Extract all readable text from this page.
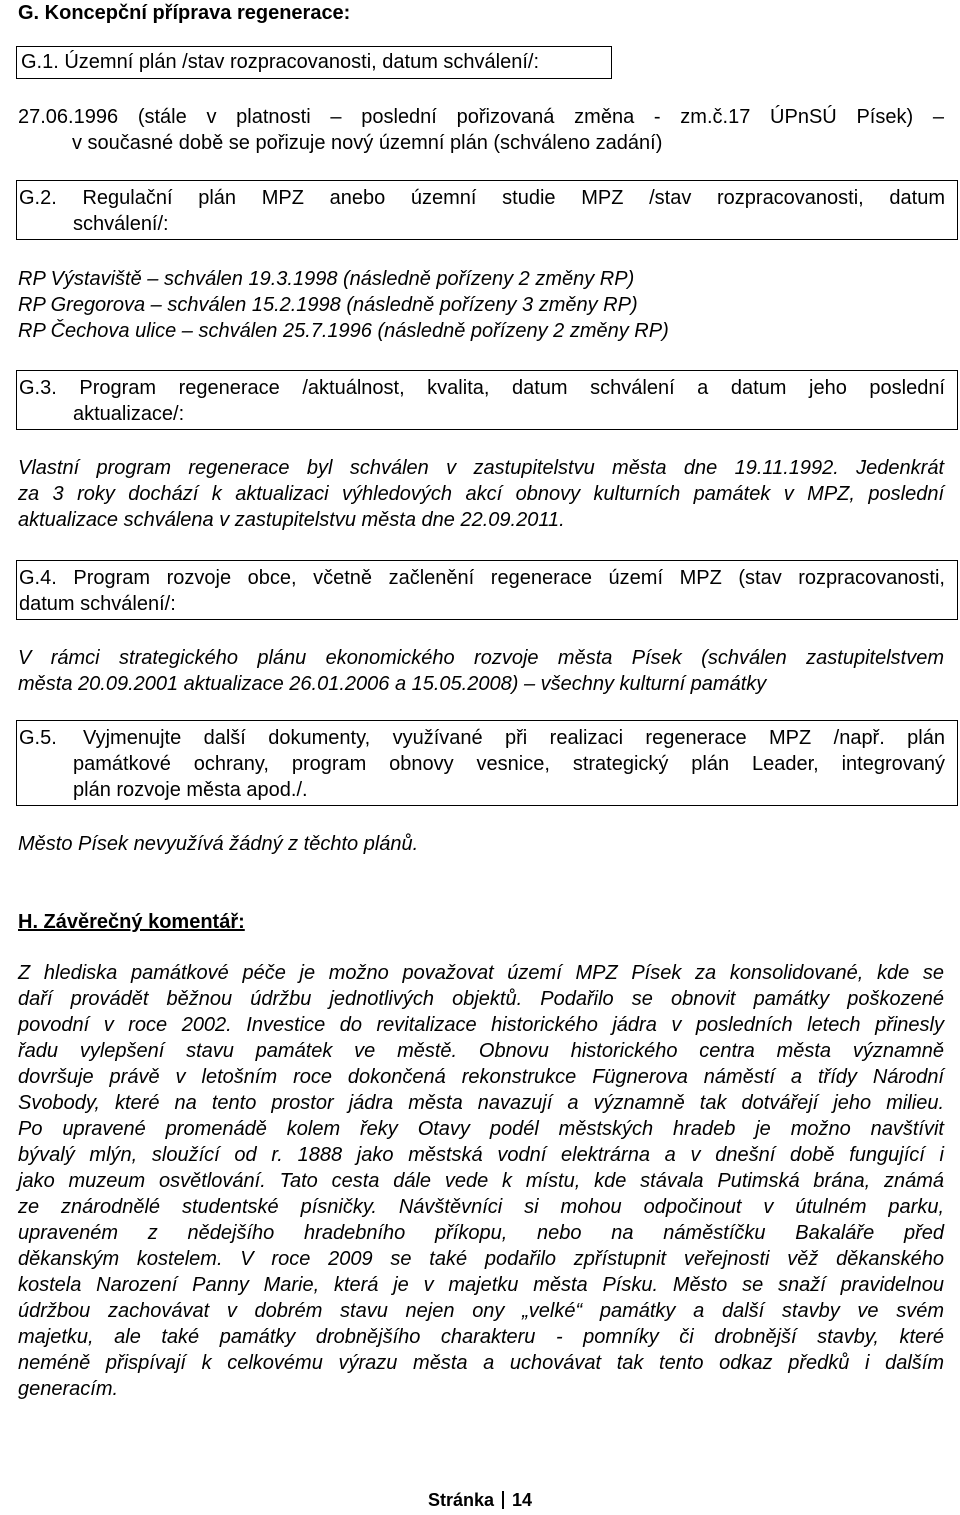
G. Koncepční příprava regenerace:
G.1. Územní plán /stav rozpracovanosti, datum schválení/:
27.06.1996 (stále v platnosti – poslední pořizovaná změna - zm.č.17 ÚPnSÚ Písek) –
v současné době se pořizuje nový územní plán (schváleno zadání)
G.2. Regulační plán MPZ anebo územní studie MPZ /stav rozpracovanosti, datum
schválení/:
RP Výstaviště – schválen 19.3.1998 (následně pořízeny 2 změny RP)
RP Gregorova – schválen 15.2.1998 (následně pořízeny 3 změny RP)
RP Čechova ulice – schválen 25.7.1996 (následně pořízeny 2 změny RP)
G.3. Program regenerace /aktuálnost, kvalita, datum schválení a datum jeho poslední
aktualizace/:
Vlastní program regenerace byl schválen v zastupitelstvu města dne 19.11.1992. Jedenkrát
za 3 roky dochází k aktualizaci výhledových akcí obnovy kulturních památek v MPZ, poslední
aktualizace schválena v zastupitelstvu města dne 22.09.2011.
G.4. Program rozvoje obce, včetně začlenění regenerace území MPZ (stav rozpracovanosti,
datum schválení/:
V rámci strategického plánu ekonomického rozvoje města Písek (schválen zastupitelstvem
města 20.09.2001 aktualizace 26.01.2006 a 15.05.2008) – všechny kulturní památky
G.5. Vyjmenujte další dokumenty, využívané při realizaci regenerace MPZ /např. plán
památkové ochrany, program obnovy vesnice, strategický plán Leader, integrovaný
plán rozvoje města apod./.
Město Písek nevyužívá žádný z těchto plánů.
H. Závěrečný komentář:
Z hlediska památkové péče je možno považovat území MPZ Písek za konsolidované, kde se
daří provádět běžnou údržbu jednotlivých objektů. Podařilo se obnovit památky poškozené
povodní v roce 2002. Investice do revitalizace historického jádra v posledních letech přinesly
řadu vylepšení stavu památek ve městě. Obnovu historického centra města významně
dovršuje právě v letošním roce dokončená rekonstrukce Fügnerova náměstí a třídy Národní
Svobody, které na tento prostor jádra města navazují a významně tak dotvářejí jeho milieu.
Po upravené promenádě kolem řeky Otavy podél městských hradeb je možno navštívit
bývalý mlýn, sloužící od r. 1888 jako městská vodní elektrárna a v dnešní době fungující i
jako muzeum osvětlování. Tato cesta dále vede k místu, kde stávala Putimská brána, známá
ze znárodnělé studentské písničky. Návštěvníci si mohou odpočinout v útulném parku,
upraveném z nědejšího hradebního příkopu, nebo na náměstíčku Bakaláře před
děkanským kostelem. V roce 2009 se také podařilo zpřístupnit veřejnosti věž děkanského
kostela Narození Panny Marie, která je v majetku města Písku. Město se snaží pravidelnou
údržbou zachovávat v dobrém stavu nejen ony „velké“ památky a další stavby ve svém
majetku, ale také památky drobnějšího charakteru - pomníky či drobnější stavby, které
neméně přispívají k celkovému výrazu města a uchovávat tak tento odkaz předků i dalším
generacím.
Stránka 14
